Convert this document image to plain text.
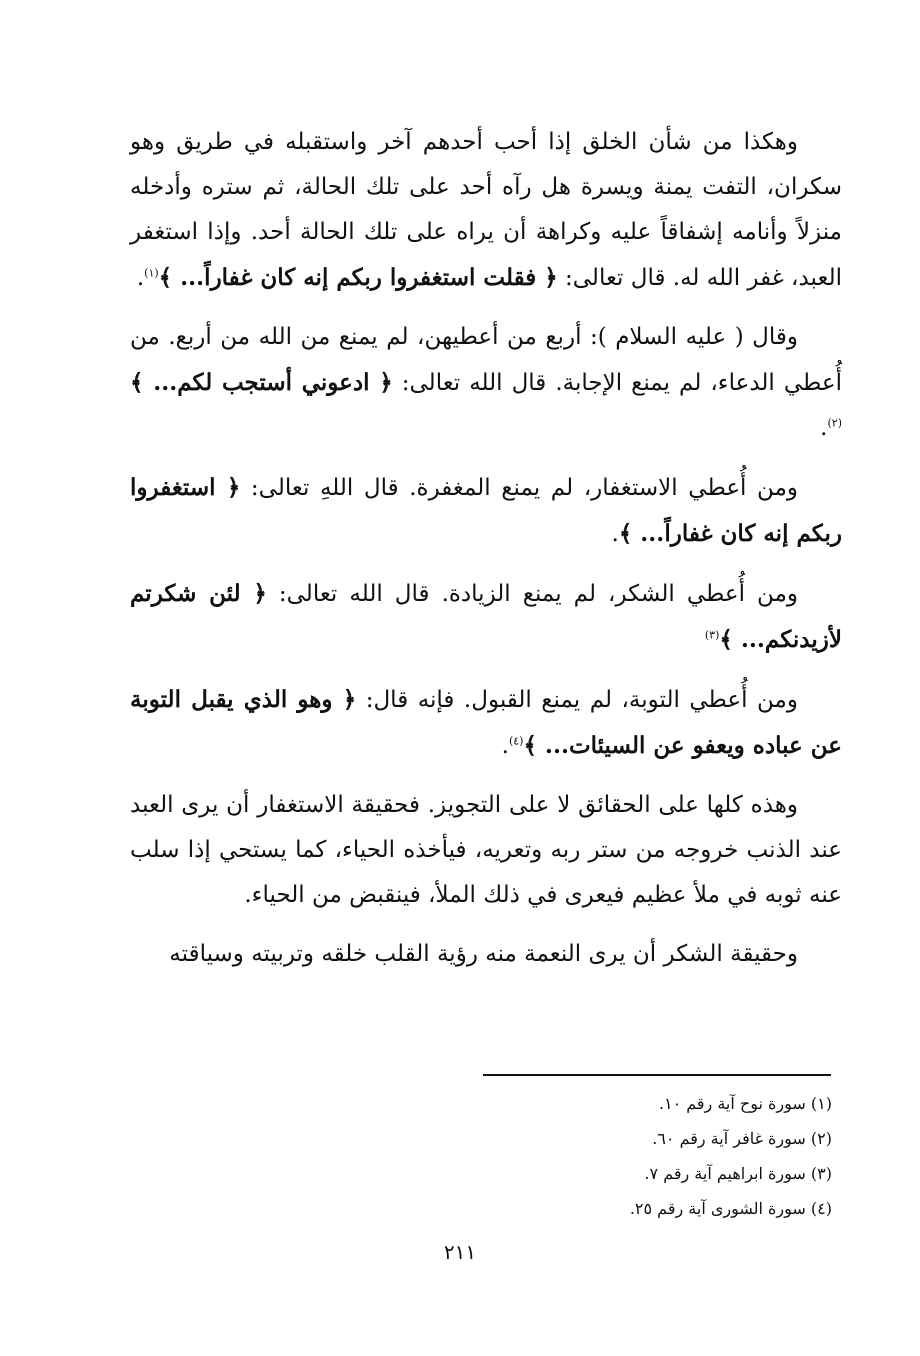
وهكذا من شأن الخلق إذا أحب أحدهم آخر واستقبله في طريق وهو سكران، التفت يمنة ويسرة هل رآه أحد على تلك الحالة، ثم ستره وأدخله منزلاً وأنامه إشفاقاً عليه وكراهة أن يراه على تلك الحالة أحد. وإذا استغفر العبد، غفر الله له. قال تعالى: ﴿ فقلت استغفروا ربكم إنه كان غفاراً... ﴾$^{(١)}$.

وقال ( عليه السلام ): أربع من أعطيهن، لم يمنع من الله من أربع. من أُعطي الدعاء، لم يمنع الإجابة. قال الله تعالى: ﴿ ادعوني أستجب لكم... ﴾$^{(٢)}$.

ومن أُعطي الاستغفار، لم يمنع المغفرة. قال اللهِ تعالى: ﴿ استغفروا ربكم إنه كان غفاراً... ﴾.

ومن أُعطي الشكر، لم يمنع الزيادة. قال الله تعالى: ﴿ لئن شكرتم لأزيدنكم... ﴾$^{(٣)}$

ومن أُعطي التوبة، لم يمنع القبول. فإنه قال: ﴿ وهو الذي يقبل التوبة عن عباده ويعفو عن السيئات... ﴾$^{(٤)}$.

وهذه كلها على الحقائق لا على التجويز. فحقيقة الاستغفار أن يرى العبد عند الذنب خروجه من ستر ربه وتعريه، فيأخذه الحياء، كما يستحي إذا سلب عنه ثوبه في ملأ عظيم فيعرى في ذلك الملأ، فينقبض من الحياء.

وحقيقة الشكر أن يرى النعمة منه رؤية القلب خلقه وتربيته وسياقته

(١) سورة نوح آية رقم ١٠.
(٢) سورة غافر آية رقم ٦٠.
(٣) سورة ابراهيم آية رقم ٧.
(٤) سورة الشورى آية رقم ٢٥.
٢١١
